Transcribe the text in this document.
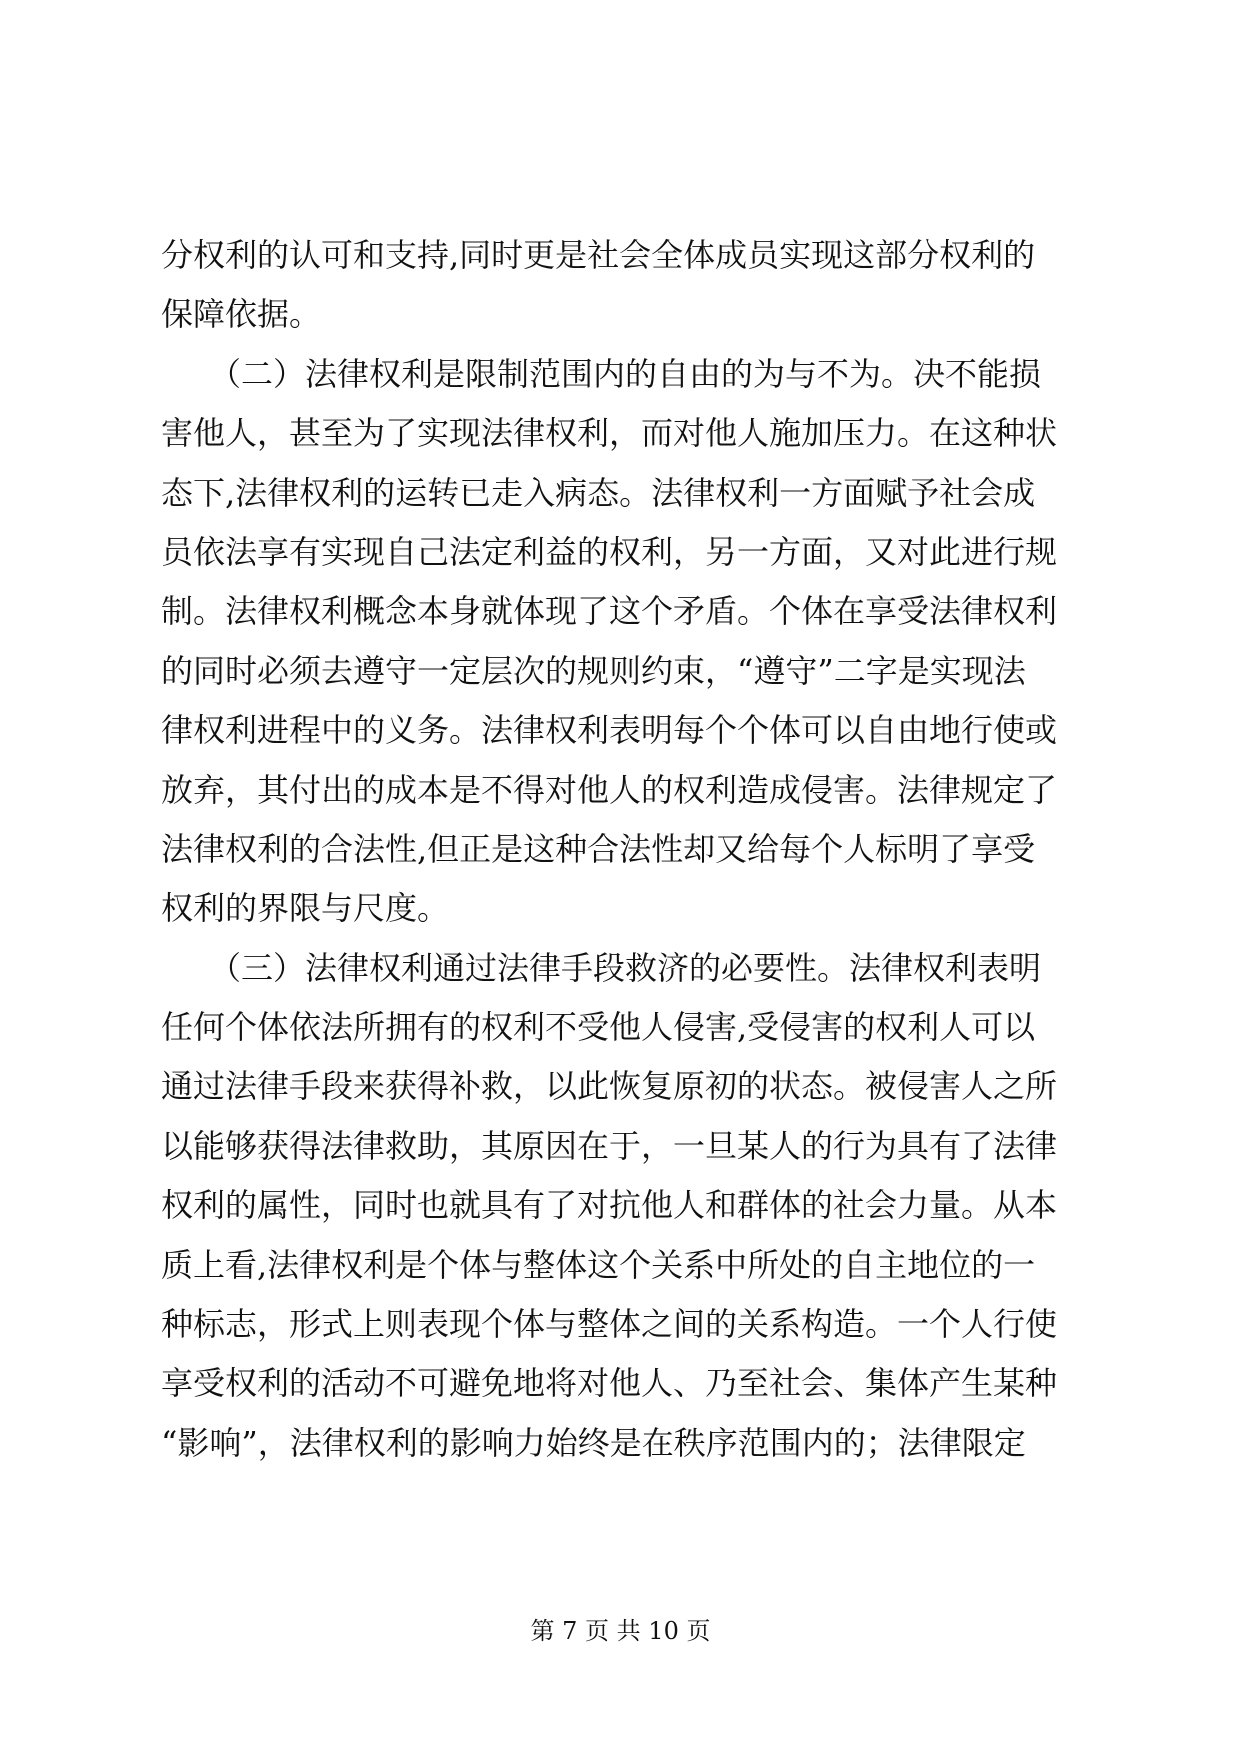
分权利的认可和支持,同时更是社会全体成员实现这部分权利的
保障依据。
　　（二）法律权利是限制范围内的自由的为与不为。决不能损
害他人，甚至为了实现法律权利，而对他人施加压力。在这种状
态下,法律权利的运转已走入病态。法律权利一方面赋予社会成
员依法享有实现自己法定利益的权利，另一方面，又对此进行规
制。法律权利概念本身就体现了这个矛盾。个体在享受法律权利
的同时必须去遵守一定层次的规则约束，“遵守”二字是实现法
律权利进程中的义务。法律权利表明每个个体可以自由地行使或
放弃，其付出的成本是不得对他人的权利造成侵害。法律规定了
法律权利的合法性,但正是这种合法性却又给每个人标明了享受
权利的界限与尺度。
　　（三）法律权利通过法律手段救济的必要性。法律权利表明
任何个体依法所拥有的权利不受他人侵害,受侵害的权利人可以
通过法律手段来获得补救，以此恢复原初的状态。被侵害人之所
以能够获得法律救助，其原因在于，一旦某人的行为具有了法律
权利的属性，同时也就具有了对抗他人和群体的社会力量。从本
质上看,法律权利是个体与整体这个关系中所处的自主地位的一
种标志，形式上则表现个体与整体之间的关系构造。一个人行使
享受权利的活动不可避免地将对他人、乃至社会、集体产生某种
“影响”，法律权利的影响力始终是在秩序范围内的；法律限定
第 7 页 共 10 页
